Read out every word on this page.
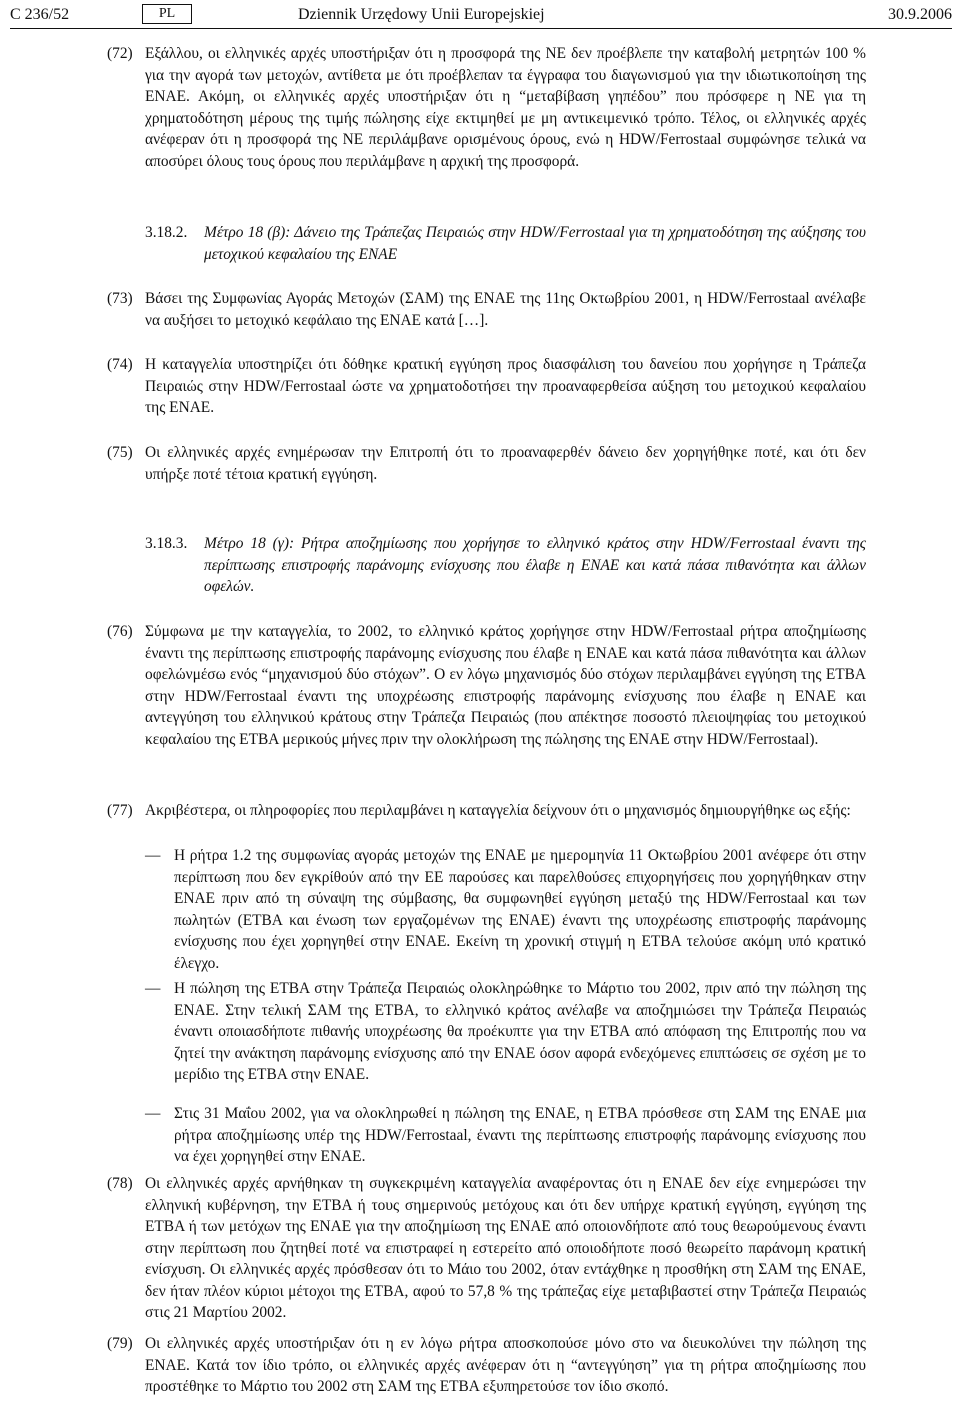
C 236/52	PL	Dziennik Urzędowy Unii Europejskiej	30.9.2006
(72) Εξάλλου, οι ελληνικές αρχές υποστήριξαν ότι η προσφορά της ΝΕ δεν προέβλεπε την καταβολή μετρητών 100 % για την αγορά των μετοχών, αντίθετα με ότι προέβλεπαν τα έγγραφα του διαγωνισμού για την ιδιωτικοποίηση της ΕΝΑΕ. Ακόμη, οι ελληνικές αρχές υποστήριξαν ότι η “μεταβίβαση γηπέδου” που πρόσφερε η ΝΕ για τη χρηματοδότηση μέρους της τιμής πώλησης είχε εκτιμηθεί με μη αντικειμενικό τρόπο. Τέλος, οι ελληνικές αρχές ανέφεραν ότι η προσφορά της ΝΕ περιλάμβανε ορισμένους όρους, ενώ η HDW/Ferrostaal συμφώνησε τελικά να αποσύρει όλους τους όρους που περιλάμβανε η αρχική της προσφορά.
3.18.2. Μέτρο 18 (β): Δάνειο της Τράπεζας Πειραιώς στην HDW/Ferrostaal για τη χρηματοδότηση της αύξησης του μετοχικού κεφαλαίου της ΕΝΑΕ
(73) Βάσει της Συμφωνίας Αγοράς Μετοχών (ΣΑΜ) της ΕΝΑΕ της 11ης Οκτωβρίου 2001, η HDW/Ferrostaal ανέλαβε να αυξήσει το μετοχικό κεφάλαιο της ΕΝΑΕ κατά […].
(74) Η καταγγελία υποστηρίζει ότι δόθηκε κρατική εγγύηση προς διασφάλιση του δανείου που χορήγησε η Τράπεζα Πειραιώς στην HDW/Ferrostaal ώστε να χρηματοδοτήσει την προαναφερθείσα αύξηση του μετοχικού κεφαλαίου της ΕΝΑΕ.
(75) Οι ελληνικές αρχές ενημέρωσαν την Επιτροπή ότι το προαναφερθέν δάνειο δεν χορηγήθηκε ποτέ, και ότι δεν υπήρξε ποτέ τέτοια κρατική εγγύηση.
3.18.3. Μέτρο 18 (γ): Ρήτρα αποζημίωσης που χορήγησε το ελληνικό κράτος στην HDW/Ferrostaal έναντι της περίπτωσης επιστροφής παράνομης ενίσχυσης που έλαβε η ΕΝΑΕ και κατά πάσα πιθανότητα και άλλων οφελών.
(76) Σύμφωνα με την καταγγελία, το 2002, το ελληνικό κράτος χορήγησε στην HDW/Ferrostaal ρήτρα αποζημίωσης έναντι της περίπτωσης επιστροφής παράνομης ενίσχυσης που έλαβε η ΕΝΑΕ και κατά πάσα πιθανότητα και άλλων οφελώνμέσω ενός “μηχανισμού δύο στόχων”. Ο εν λόγω μηχανισμός δύο στόχων περιλαμβάνει εγγύηση της ΕΤΒΑ στην HDW/Ferrostaal έναντι της υποχρέωσης επιστροφής παράνομης ενίσχυσης που έλαβε η ΕΝΑΕ και αντεγγύηση του ελληνικού κράτους στην Τράπεζα Πειραιώς (που απέκτησε ποσοστό πλειοψηφίας του μετοχικού κεφαλαίου της ΕΤΒΑ μερικούς μήνες πριν την ολοκλήρωση της πώλησης της ΕΝΑΕ στην HDW/Ferrostaal).
(77) Ακριβέστερα, οι πληροφορίες που περιλαμβάνει η καταγγελία δείχνουν ότι ο μηχανισμός δημιουργήθηκε ως εξής:
— Η ρήτρα 1.2 της συμφωνίας αγοράς μετοχών της ΕΝΑΕ με ημερομηνία 11 Οκτωβρίου 2001 ανέφερε ότι στην περίπτωση που δεν εγκρίθούν από την ΕΕ παρούσες και παρελθούσες επιχορηγήσεις που χορηγήθηκαν στην ΕΝΑΕ πριν από τη σύναψη της σύμβασης, θα συμφωνηθεί εγγύηση μεταξύ της HDW/Ferrostaal και των πωλητών (ΕΤΒΑ και ένωση των εργαζομένων της ΕΝΑΕ) έναντι της υποχρέωσης επιστροφής παράνομης ενίσχυσης που έχει χορηγηθεί στην ΕΝΑΕ. Εκείνη τη χρονική στιγμή η ΕΤΒΑ τελούσε ακόμη υπό κρατικό έλεγχο.
— Η πώληση της ΕΤΒΑ στην Τράπεζα Πειραιώς ολοκληρώθηκε το Μάρτιο του 2002, πριν από την πώληση της ΕΝΑΕ. Στην τελική ΣΑΜ της ΕΤΒΑ, το ελληνικό κράτος ανέλαβε να αποζημιώσει την Τράπεζα Πειραιώς έναντι οποιασδήποτε πιθανής υποχρέωσης θα προέκυπτε για την ΕΤΒΑ από απόφαση της Επιτροπής που να ζητεί την ανάκτηση παράνομης ενίσχυσης από την ΕΝΑΕ όσον αφορά ενδεχόμενες επιπτώσεις σε σχέση με το μερίδιο της ΕΤΒΑ στην ΕΝΑΕ.
— Στις 31 Μαΐου 2002, για να ολοκληρωθεί η πώληση της ΕΝΑΕ, η ΕΤΒΑ πρόσθεσε στη ΣΑΜ της ΕΝΑΕ μια ρήτρα αποζημίωσης υπέρ της HDW/Ferrostaal, έναντι της περίπτωσης επιστροφής παράνομης ενίσχυσης που να έχει χορηγηθεί στην ΕΝΑΕ.
(78) Οι ελληνικές αρχές αρνήθηκαν τη συγκεκριμένη καταγγελία αναφέροντας ότι η ΕΝΑΕ δεν είχε ενημερώσει την ελληνική κυβέρνηση, την ΕΤΒΑ ή τους σημερινούς μετόχους και ότι δεν υπήρχε κρατική εγγύηση, εγγύηση της ΕΤΒΑ ή των μετόχων της ΕΝΑΕ για την αποζημίωση της ΕΝΑΕ από οποιονδήποτε από τους θεωρούμενους έναντι στην περίπτωση που ζητηθεί ποτέ να επιστραφεί η εστερείτο από οποιοδήποτε ποσό θεωρείτο παράνομη κρατική ενίσχυση. Οι ελληνικές αρχές πρόσθεσαν ότι το Μάιο του 2002, όταν εντάχθηκε η προσθήκη στη ΣΑΜ της ΕΝΑΕ, δεν ήταν πλέον κύριοι μέτοχοι της ΕΤΒΑ, αφού το 57,8 % της τράπεζας είχε μεταβιβαστεί στην Τράπεζα Πειραιώς στις 21 Μαρτίου 2002.
(79) Οι ελληνικές αρχές υποστήριξαν ότι η εν λόγω ρήτρα αποσκοπούσε μόνο στο να διευκολύνει την πώληση της ΕΝΑΕ. Κατά τον ίδιο τρόπο, οι ελληνικές αρχές ανέφεραν ότι η “αντεγγύηση” για τη ρήτρα αποζημίωσης που προστέθηκε το Μάρτιο του 2002 στη ΣΑΜ της ΕΤΒΑ εξυπηρετούσε τον ίδιο σκοπό.
